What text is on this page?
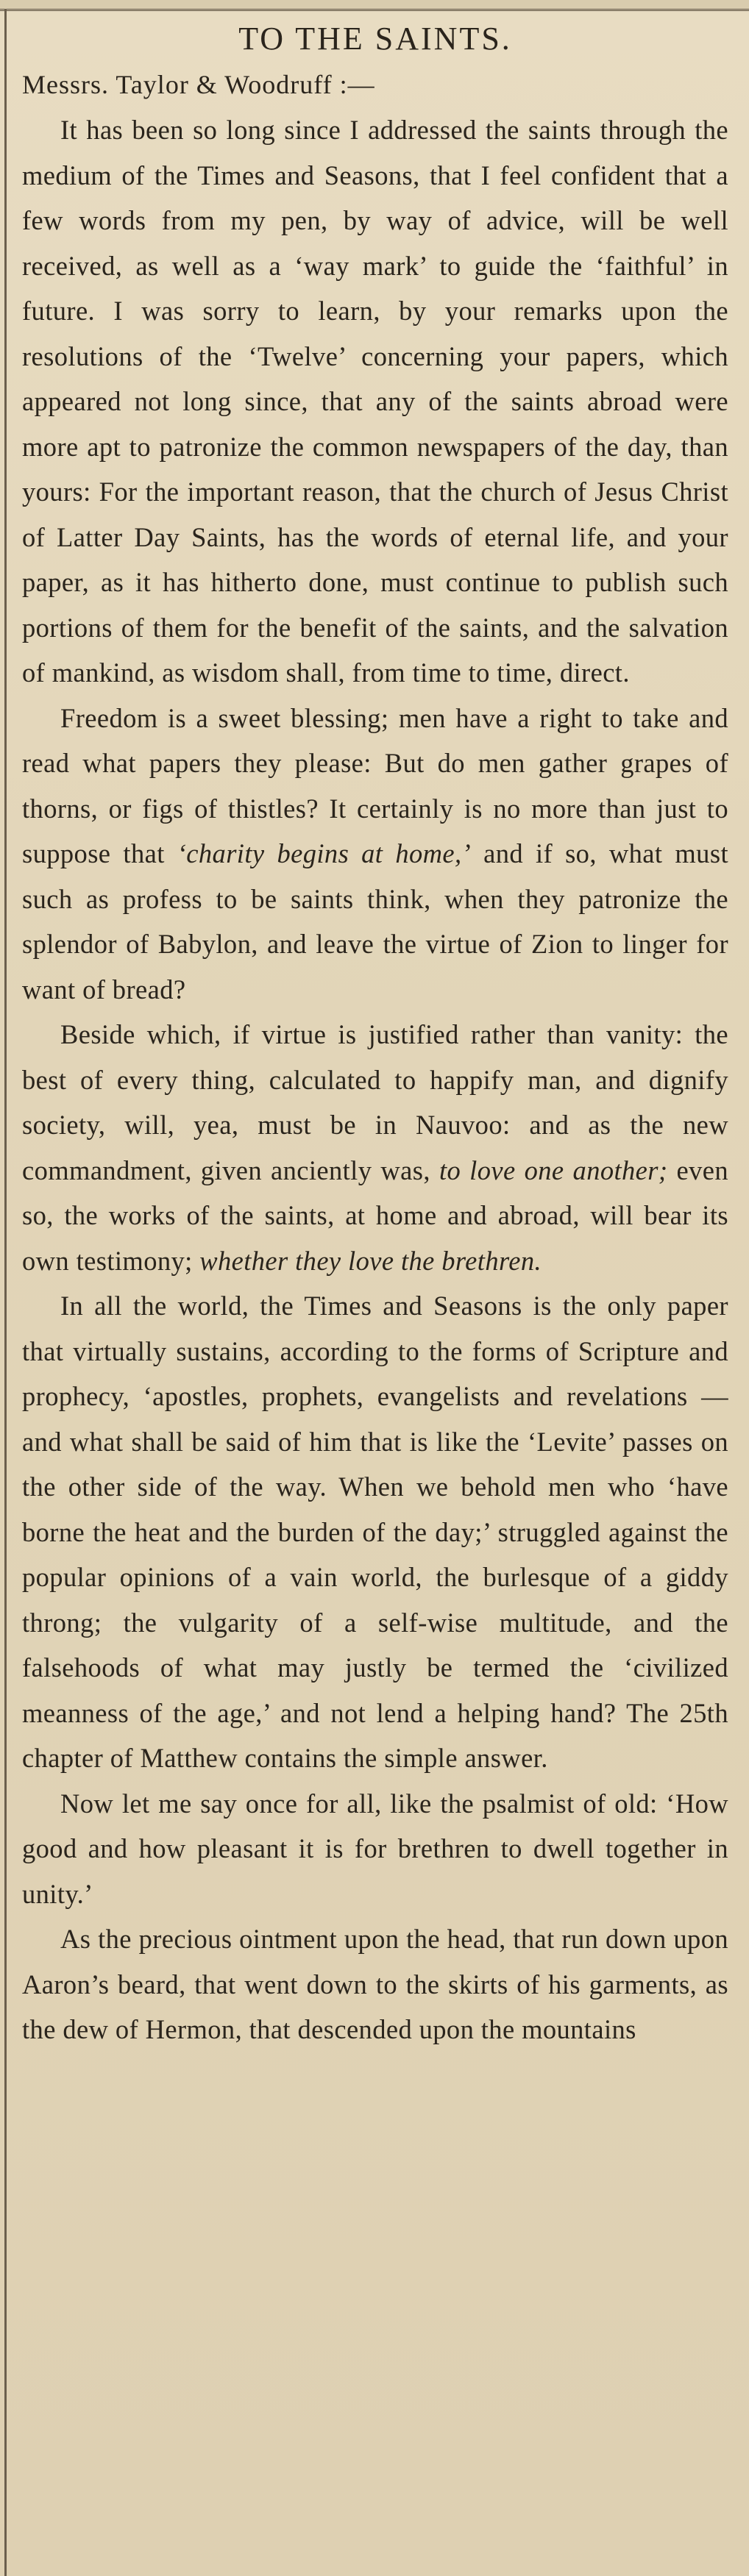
TO THE SAINTS.

Messrs. Taylor & Woodruff :—

It has been so long since I addressed the saints through the medium of the Times and Seasons, that I feel confident that a few words from my pen, by way of advice, will be well received, as well as a ‘way mark’ to guide the ‘faithful’ in future. I was sorry to learn, by your remarks upon the resolutions of the ‘Twelve’ concerning your papers, which appeared not long since, that any of the saints abroad were more apt to patronize the common newspapers of the day, than yours: For the important reason, that the church of Jesus Christ of Latter Day Saints, has the words of eternal life, and your paper, as it has hitherto done, must continue to publish such portions of them for the benefit of the saints, and the salvation of mankind, as wisdom shall, from time to time, direct.

Freedom is a sweet blessing; men have a right to take and read what papers they please: But do men gather grapes of thorns, or figs of thistles? It certainly is no more than just to suppose that ‘charity begins at home,’ and if so, what must such as profess to be saints think, when they patronize the splendor of Babylon, and leave the virtue of Zion to linger for want of bread?

Beside which, if virtue is justified rather than vanity: the best of every thing, calculated to happify man, and dignify society, will, yea, must be in Nauvoo: and as the new commandment, given anciently was, to love one another; even so, the works of the saints, at home and abroad, will bear its own testimony; whether they love the brethren.

In all the world, the Times and Seasons is the only paper that virtually sustains, according to the forms of Scripture and prophecy, ‘apostles, prophets, evangelists and revelations —and what shall be said of him that is like the ‘Levite’ passes on the other side of the way. When we behold men who ‘have borne the heat and the burden of the day;’ struggled against the popular opinions of a vain world, the burlesque of a giddy throng; the vulgarity of a self-wise multitude, and the falsehoods of what may justly be termed the ‘civilized meanness of the age,’ and not lend a helping hand? The 25th chapter of Matthew contains the simple answer.

Now let me say once for all, like the psalmist of old: ‘How good and how pleasant it is for brethren to dwell together in unity.’

As the precious ointment upon the head, that run down upon Aaron’s beard, that went down to the skirts of his garments, as the dew of Hermon, that descended upon the mountains
